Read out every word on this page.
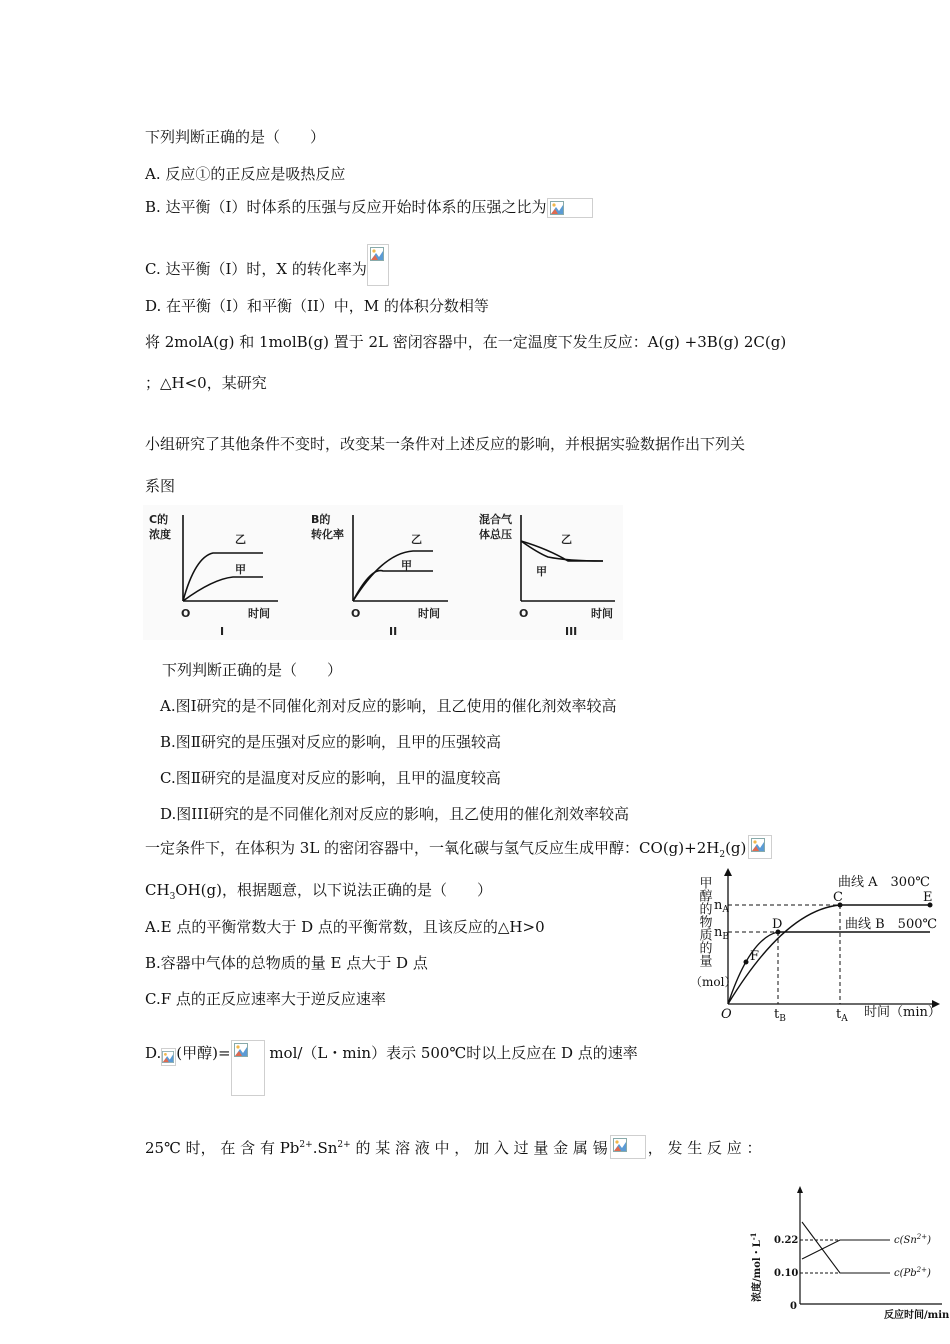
下列判断正确的是（　　）
A. 反应①的正反应是吸热反应
B. 达平衡（I）时体系的压强与反应开始时体系的压强之比为
C. 达平衡（I）时，X 的转化率为
D. 在平衡（I）和平衡（II）中，M 的体积分数相等
将 2molA(g) 和 1molB(g) 置于 2L 密闭容器中，在一定温度下发生反应：A(g) +3B(g) 2C(g)
；△H<0，某研究
小组研究了其他条件不变时，改变某一条件对上述反应的影响，并根据实验数据作出下列关
系图
C的
浓度	乙
甲
O	时间
I
B的
转化率	乙
甲
O	时间
II
混合气
体总压	乙
甲
O	时间
III
下列判断正确的是（　　）
A.图Ⅰ研究的是不同催化剂对反应的影响，且乙使用的催化剂效率较高
B.图Ⅱ研究的是压强对反应的影响，且甲的压强较高
C.图Ⅱ研究的是温度对反应的影响，且甲的温度较高
D.图III研究的是不同催化剂对反应的影响，且乙使用的催化剂效率较高
一定条件下，在体积为 3L 的密闭容器中，一氧化碳与氢气反应生成甲醇：$CO(g)+2H_2(g)$
$CH_3OH(g)$，根据题意，以下说法正确的是（　　）
A.E 点的平衡常数大于 D 点的平衡常数，且该反应的△H>0
B.容器中气体的总物质的量 E 点大于 D 点
C.F 点的正反应速率大于逆反应速率
D. (甲醇)=
mol/（L・min）表示 500℃时以上反应在 D 点的速率
甲醇的物质的量
（mol）
$n_A$
$n_B$
O	$t_B$	$t_A$ 时间（min）
曲线 A　300℃
曲线 B　500℃
C
D
E
F
25℃ 时， 在 含 有 $Pb^{2+}.Sn^{2+}$ 的 某 溶 液 中 ， 加 入 过 量 金 属 锡	， 发 生 反 应 ：
浓度/mol・$L^{-1}$	0.22
0.10
0
$c(Sn^{2+})$
$c(Pb^{2+})$
反应时间/min
